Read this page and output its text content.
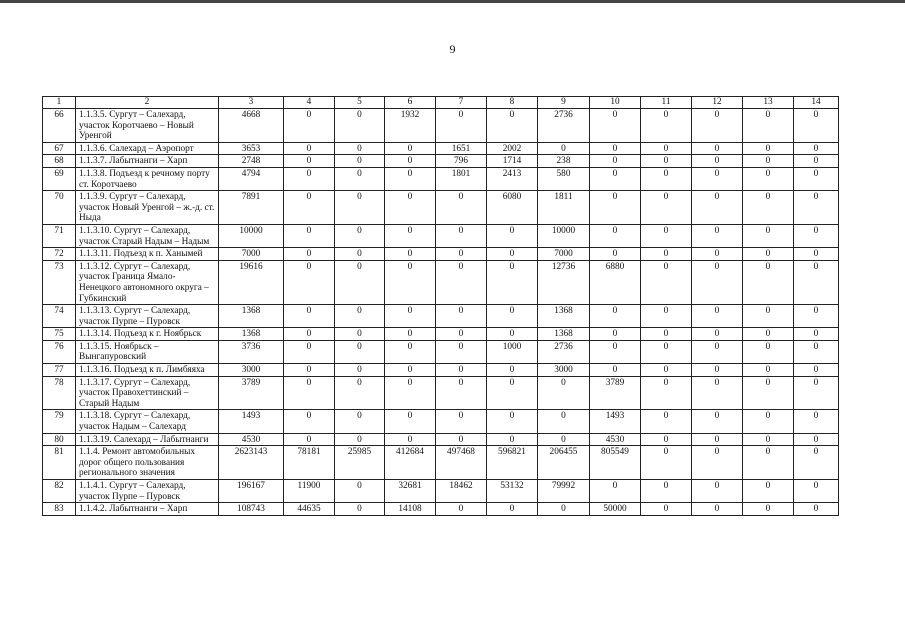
9
1	2	3	4	5	6	7	8	9	10	11	12	13	14
66	1.1.3.5. Сургут – Салехард, участок Коротчаево – Новый Уренгой	4668	0	0	1932	0	0	2736	0	0	0	0	0
67	1.1.3.6. Салехард – Аэропорт	3653	0	0	0	1651	2002	0	0	0	0	0	0
68	1.1.3.7. Лабытнанги – Харп	2748	0	0	0	796	1714	238	0	0	0	0	0
69	1.1.3.8. Подъезд к речному порту ст. Коротчаево	4794	0	0	0	1801	2413	580	0	0	0	0	0
70	1.1.3.9. Сургут – Салехард, участок Новый Уренгой – ж.-д. ст. Ныда	7891	0	0	0	0	6080	1811	0	0	0	0	0
71	1.1.3.10. Сургут – Салехард, участок Старый Надым – Надым	10000	0	0	0	0	0	10000	0	0	0	0	0
72	1.1.3.11. Подъезд к п. Ханымей	7000	0	0	0	0	0	7000	0	0	0	0	0
73	1.1.3.12. Сургут – Салехард, участок Граница Ямало-Ненецкого автономного округа – Губкинский	19616	0	0	0	0	0	12736	6880	0	0	0	0
74	1.1.3.13. Сургут – Салехард, участок Пурпе – Пуровск	1368	0	0	0	0	0	1368	0	0	0	0	0
75	1.1.3.14. Подъезд к г. Ноябрьск	1368	0	0	0	0	0	1368	0	0	0	0	0
76	1.1.3.15. Ноябрьск – Вынгапуровский	3736	0	0	0	0	1000	2736	0	0	0	0	0
77	1.1.3.16. Подъезд к п. Лимбяяха	3000	0	0	0	0	0	3000	0	0	0	0	0
78	1.1.3.17. Сургут – Салехард, участок Правохеттинский – Старый Надым	3789	0	0	0	0	0	0	3789	0	0	0	0
79	1.1.3.18. Сургут – Салехард, участок Надым – Салехард	1493	0	0	0	0	0	0	1493	0	0	0	0
80	1.1.3.19. Салехард – Лабытнанги	4530	0	0	0	0	0	0	4530	0	0	0	0
81	1.1.4. Ремонт автомобильных дорог общего пользования регионального значения	2623143	78181	25985	412684	497468	596821	206455	805549	0	0	0	0
82	1.1.4.1. Сургут – Салехард, участок Пурпе – Пуровск	196167	11900	0	32681	18462	53132	79992	0	0	0	0	0
83	1.1.4.2. Лабытнанги – Харп	108743	44635	0	14108	0	0	0	50000	0	0	0	0
